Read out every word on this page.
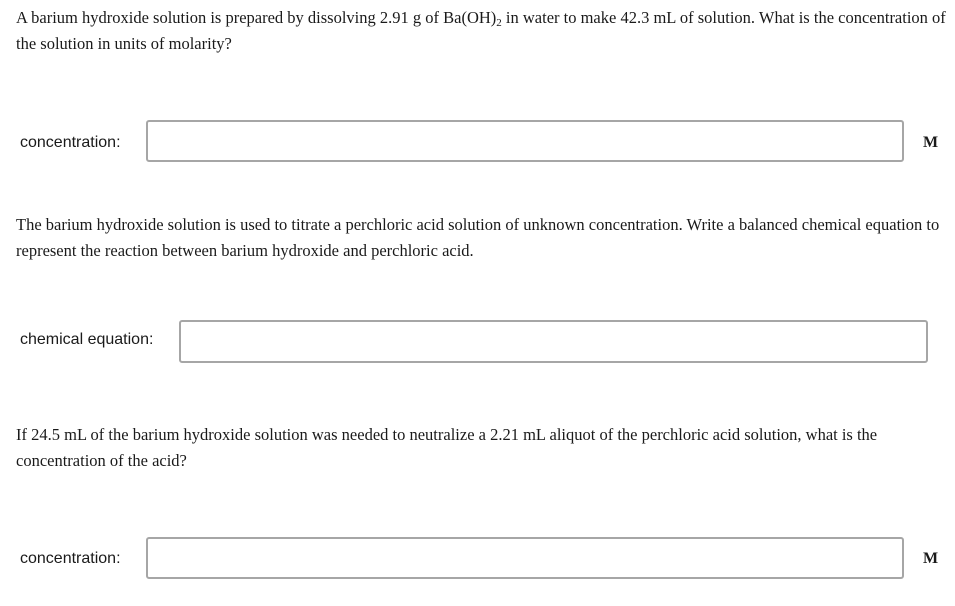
A barium hydroxide solution is prepared by dissolving 2.91 g of $Ba(OH)_2$ in water to make 42.3 mL of solution. What is the concentration of the solution in units of molarity?
concentration:	M
The barium hydroxide solution is used to titrate a perchloric acid solution of unknown concentration. Write a balanced chemical equation to represent the reaction between barium hydroxide and perchloric acid.
chemical equation:
If 24.5 mL of the barium hydroxide solution was needed to neutralize a 2.21 mL aliquot of the perchloric acid solution, what is the concentration of the acid?
concentration:	M
